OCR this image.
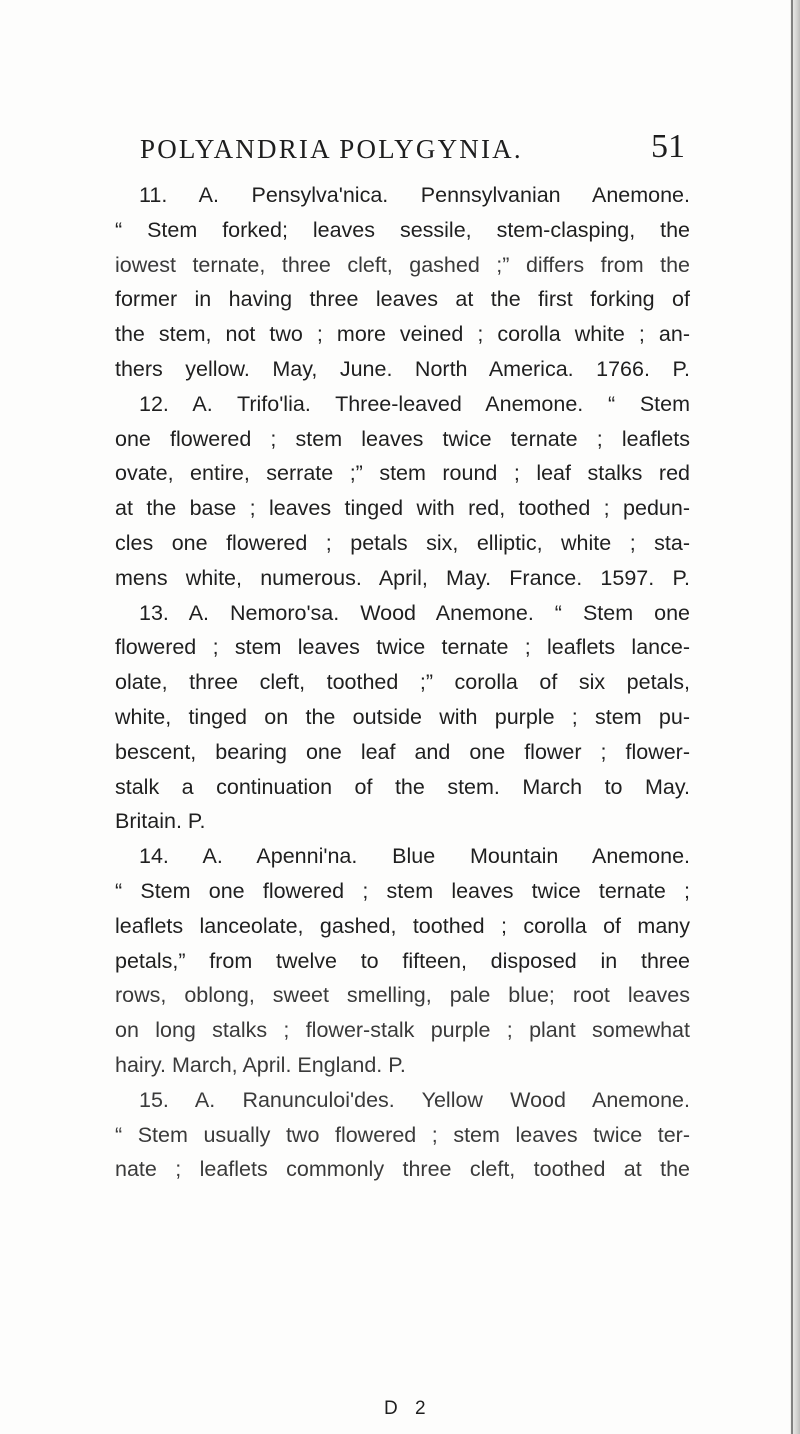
POLYANDRIA POLYGYNIA.	51
11. A. Pensylva'nica. Pennsylvanian Anemone.
“ Stem forked; leaves sessile, stem-clasping, the
iowest ternate, three cleft, gashed ;” differs from the
former in having three leaves at the first forking of
the stem, not two ; more veined ; corolla white ; an-
thers yellow. May, June. North America. 1766. P.
12. A. Trifo'lia. Three-leaved Anemone. “ Stem
one flowered ; stem leaves twice ternate ; leaflets
ovate, entire, serrate ;” stem round ; leaf stalks red
at the base ; leaves tinged with red, toothed ; pedun-
cles one flowered ; petals six, elliptic, white ; sta-
mens white, numerous. April, May. France. 1597. P.
13. A. Nemoro'sa. Wood Anemone. “ Stem one
flowered ; stem leaves twice ternate ; leaflets lance-
olate, three cleft, toothed ;” corolla of six petals,
white, tinged on the outside with purple ; stem pu-
bescent, bearing one leaf and one flower ; flower-
stalk a continuation of the stem. March to May.
Britain. P.
14. A. Apenni'na. Blue Mountain Anemone.
“ Stem one flowered ; stem leaves twice ternate ;
leaflets lanceolate, gashed, toothed ; corolla of many
petals,” from twelve to fifteen, disposed in three
rows, oblong, sweet smelling, pale blue; root leaves
on long stalks ; flower-stalk purple ; plant somewhat
hairy. March, April. England. P.
15. A. Ranunculoi'des. Yellow Wood Anemone.
“ Stem usually two flowered ; stem leaves twice ter-
nate ; leaflets commonly three cleft, toothed at the
D 2
